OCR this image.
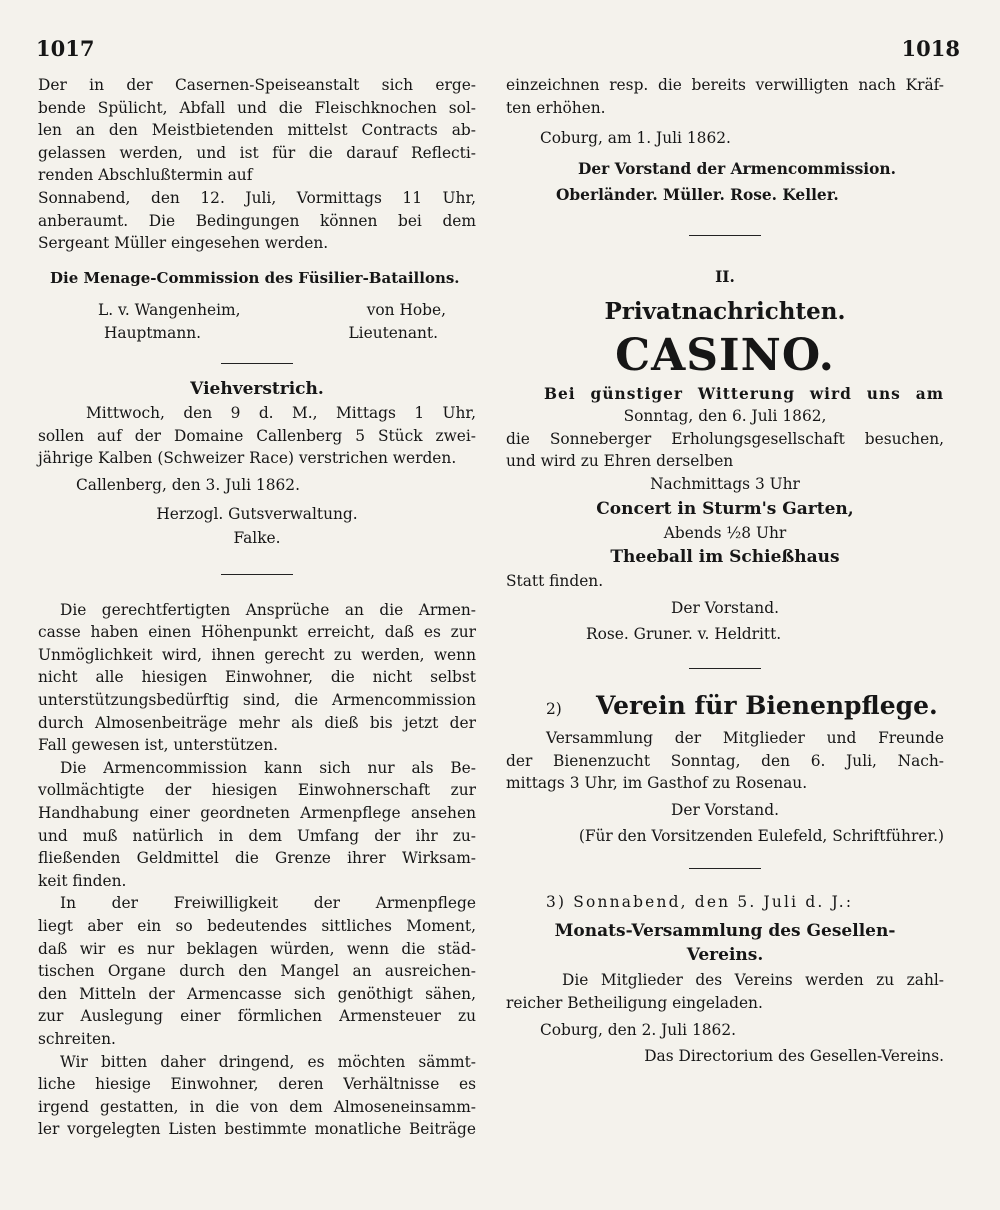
1017	1018

Der in der Casernen-Speiseanstalt sich erge-

bende Spülicht, Abfall und die Fleischknochen sol-

len an den Meistbietenden mittelst Contracts ab-

gelassen werden, und ist für die darauf Reflecti-

renden Abschlußtermin auf

Sonnabend, den 12. Juli, Vormittags 11 Uhr,

anberaumt. Die Bedingungen können bei dem

Sergeant Müller eingesehen werden.

Die Menage-Commission des Füsilier-Bataillons.

L. v. Wangenheim,	von Hobe,
Hauptmann.	Lieutenant.

Viehverstrich.

Mittwoch, den 9 d. M., Mittags 1 Uhr,

sollen auf der Domaine Callenberg 5 Stück zwei-

jährige Kalben (Schweizer Race) verstrichen werden.

Callenberg, den 3. Juli 1862.

Herzogl. Gutsverwaltung.

Falke.

Die gerechtfertigten Ansprüche an die Armen-

casse haben einen Höhenpunkt erreicht, daß es zur

Unmöglichkeit wird, ihnen gerecht zu werden, wenn

nicht alle hiesigen Einwohner, die nicht selbst

unterstützungsbedürftig sind, die Armencommission

durch Almosenbeiträge mehr als dieß bis jetzt der

Fall gewesen ist, unterstützen.

Die Armencommission kann sich nur als Be-

vollmächtigte der hiesigen Einwohnerschaft zur

Handhabung einer geordneten Armenpflege ansehen

und muß natürlich in dem Umfang der ihr zu-

fließenden Geldmittel die Grenze ihrer Wirksam-

keit finden.

In der Freiwilligkeit der Armenpflege

liegt aber ein so bedeutendes sittliches Moment,

daß wir es nur beklagen würden, wenn die städ-

tischen Organe durch den Mangel an ausreichen-

den Mitteln der Armencasse sich genöthigt sähen,

zur Auslegung einer förmlichen Armensteuer zu

schreiten.

Wir bitten daher dringend, es möchten sämmt-

liche hiesige Einwohner, deren Verhältnisse es

irgend gestatten, in die von dem Almoseneinsamm-

ler vorgelegten Listen bestimmte monatliche Beiträge

einzeichnen resp. die bereits verwilligten nach Kräf-

ten erhöhen.

Coburg, am 1. Juli 1862.

Der Vorstand der Armencommission.

Oberländer. Müller. Rose. Keller.

II.

Privatnachrichten.

CASINO.

Bei günstiger Witterung wird uns am

Sonntag, den 6. Juli 1862,

die Sonneberger Erholungsgesellschaft besuchen,

und wird zu Ehren derselben

Nachmittags 3 Uhr

Concert in Sturm's Garten,

Abends ½8 Uhr

Theeball im Schießhaus

Statt finden.

Der Vorstand.

Rose. Gruner. v. Heldritt.

2) Verein für Bienenpflege.

Versammlung der Mitglieder und Freunde

der Bienenzucht Sonntag, den 6. Juli, Nach-

mittags 3 Uhr, im Gasthof zu Rosenau.

Der Vorstand.

(Für den Vorsitzenden Eulefeld, Schriftführer.)

3) Sonnabend, den 5. Juli d. J.:

Monats-Versammlung des Gesellen-

Vereins.

Die Mitglieder des Vereins werden zu zahl-

reicher Betheiligung eingeladen.

Coburg, den 2. Juli 1862.

Das Directorium des Gesellen-Vereins.
